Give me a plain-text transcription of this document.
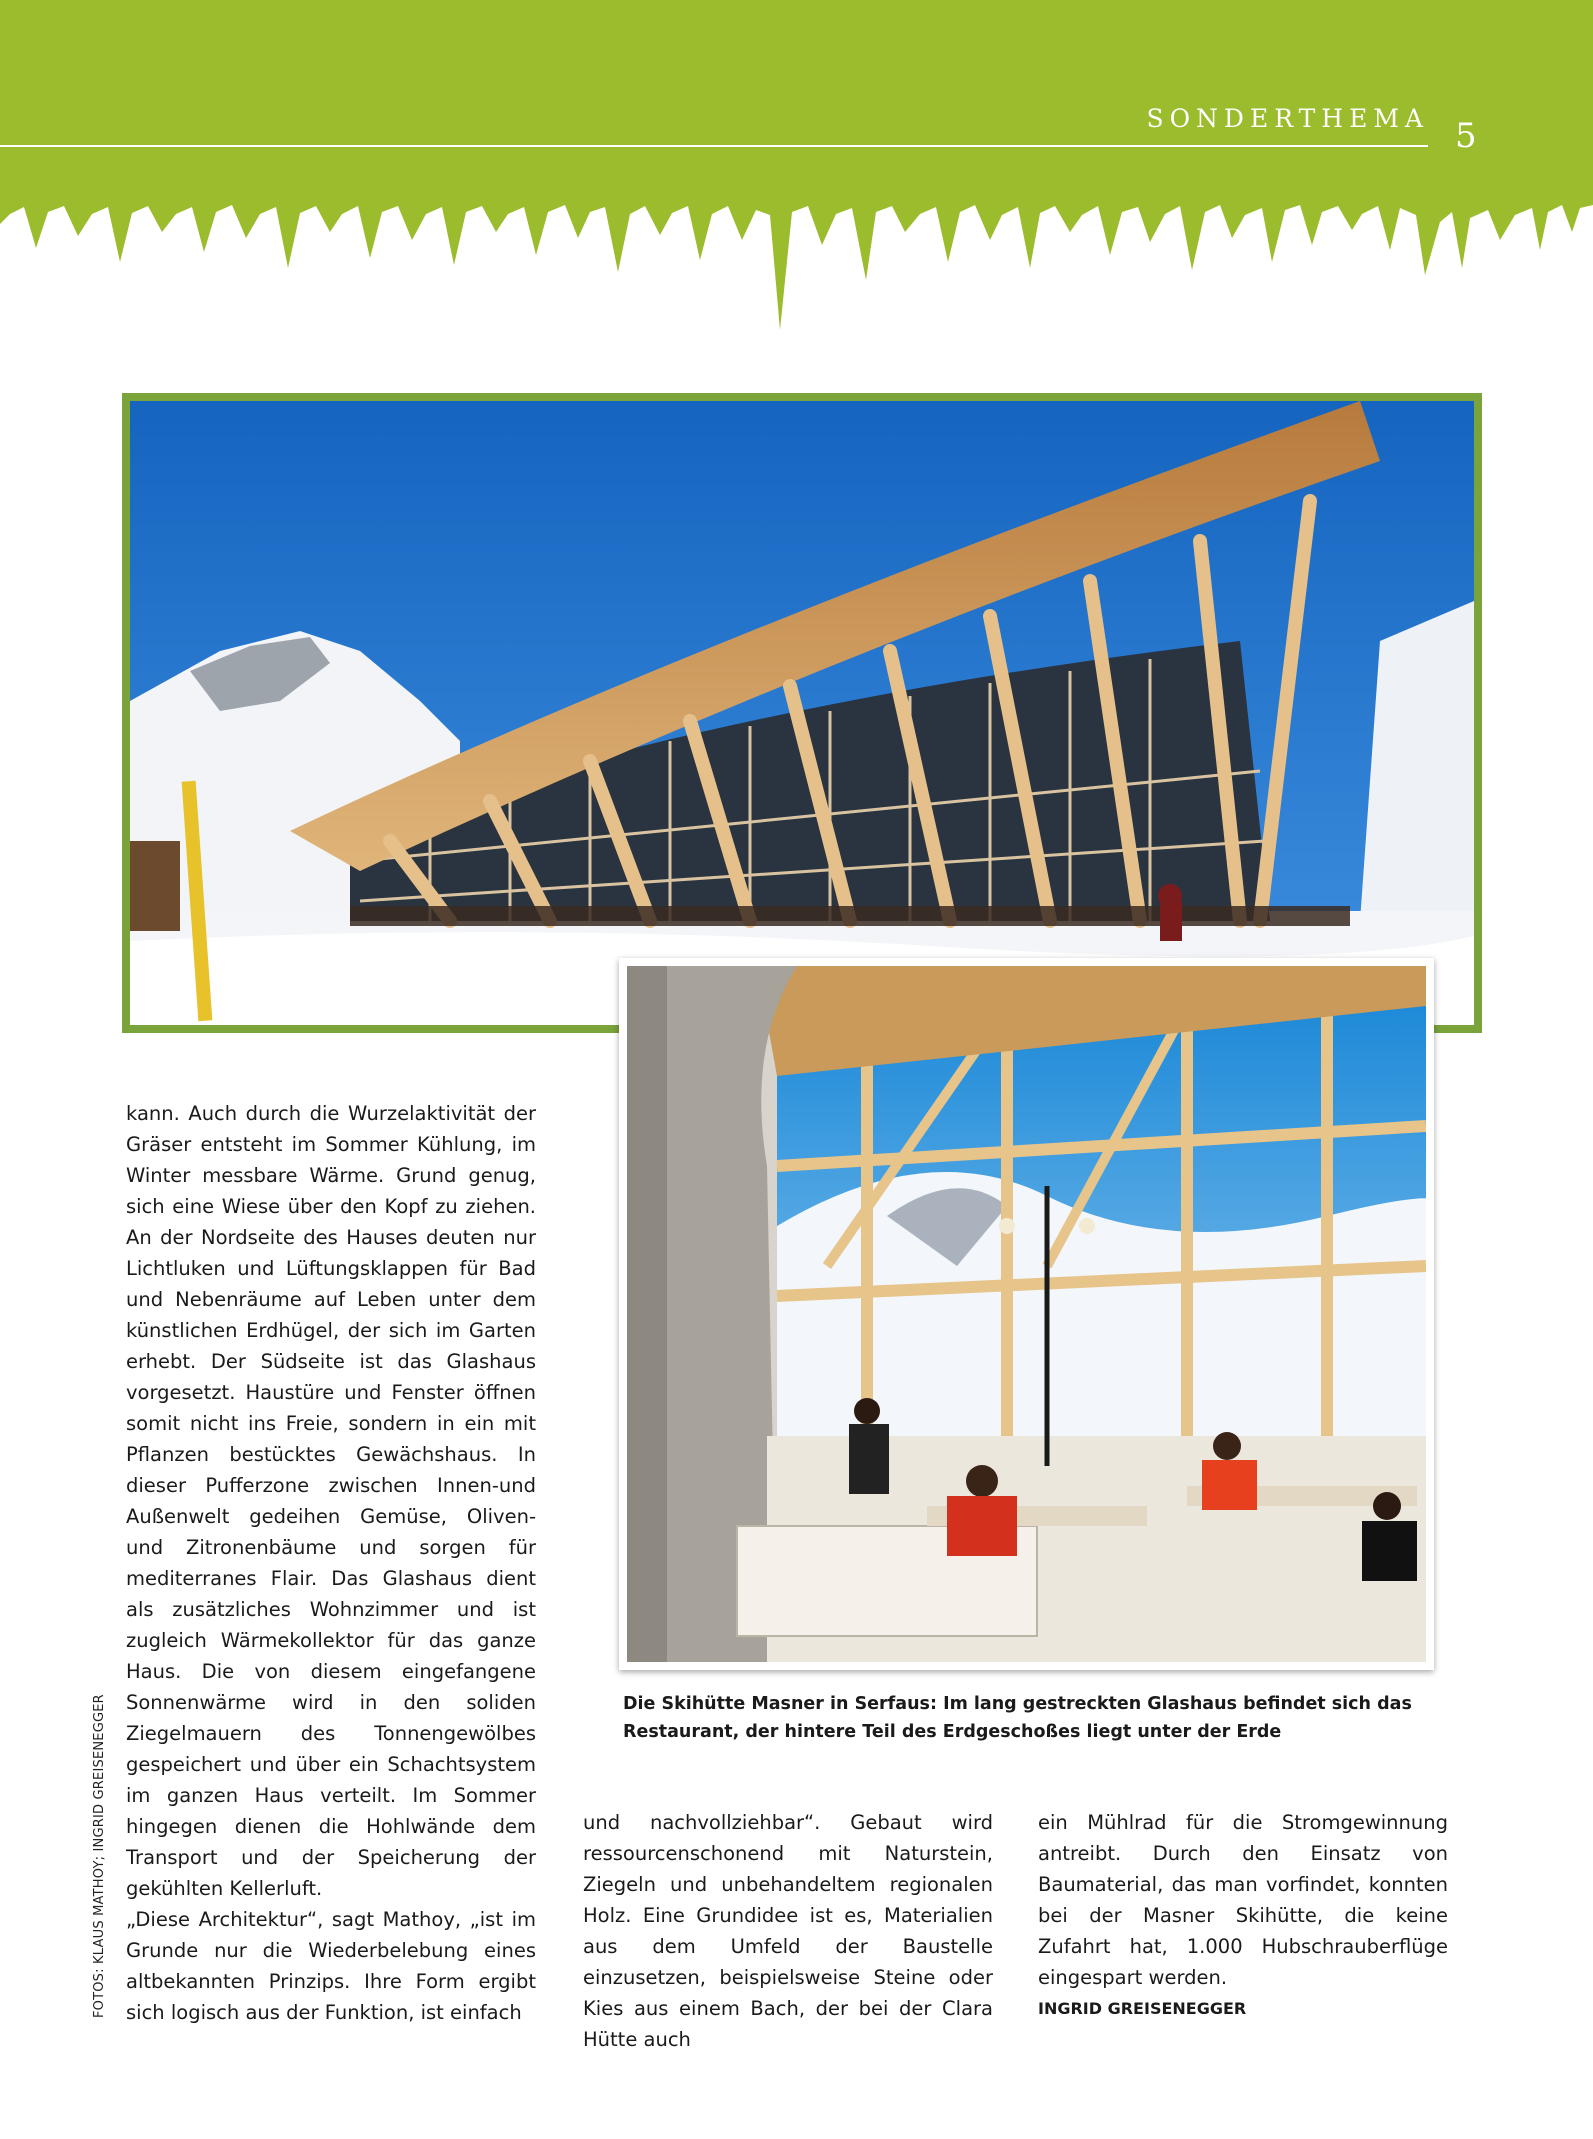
SONDERTHEMA 5
Die Skihütte Masner in Serfaus: Im lang gestreckten Glashaus befindet sich das Restaurant, der hintere Teil des Erdgeschoßes liegt unter der Erde
FOTOS: KLAUS MATHOY; INGRID GREISENEGGER

kann. Auch durch die Wurzelaktivität der Gräser entsteht im Sommer Kühlung, im Winter messbare Wärme. Grund genug, sich eine Wiese über den Kopf zu ziehen. An der Nordseite des Hauses deuten nur Lichtluken und Lüftungsklappen für Bad und Nebenräume auf Leben unter dem künstlichen Erdhügel, der sich im Garten erhebt. Der Südseite ist das Glashaus vorgesetzt. Haustüre und Fenster öffnen somit nicht ins Freie, sondern in ein mit Pflanzen bestücktes Gewächshaus. In dieser Pufferzone zwischen Innen-und Außenwelt gedeihen Gemüse, Oliven- und Zitronenbäume und sorgen für mediterranes Flair. Das Glashaus dient als zusätzliches Wohnzimmer und ist zugleich Wärmekollektor für das ganze Haus. Die von diesem eingefangene Sonnenwärme wird in den soliden Ziegelmauern des Tonnengewölbes gespeichert und über ein Schachtsystem im ganzen Haus verteilt. Im Sommer hingegen dienen die Hohlwände dem Transport und der Speicherung der gekühlten Kellerluft.

„Diese Architektur“, sagt Mathoy, „ist im Grunde nur die Wiederbelebung eines altbekannten Prinzips. Ihre Form ergibt sich logisch aus der Funktion, ist einfach

und nachvollziehbar“. Gebaut wird ressourcenschonend mit Naturstein, Ziegeln und unbehandeltem regionalen Holz. Eine Grundidee ist es, Materialien aus dem Umfeld der Baustelle einzusetzen, beispielsweise Steine oder Kies aus einem Bach, der bei der Clara Hütte auch

ein Mühlrad für die Stromgewinnung antreibt. Durch den Einsatz von Baumaterial, das man vorfindet, konnten bei der Masner Skihütte, die keine Zufahrt hat, 1.000 Hubschrauberflüge eingespart werden.

INGRID GREISENEGGER
